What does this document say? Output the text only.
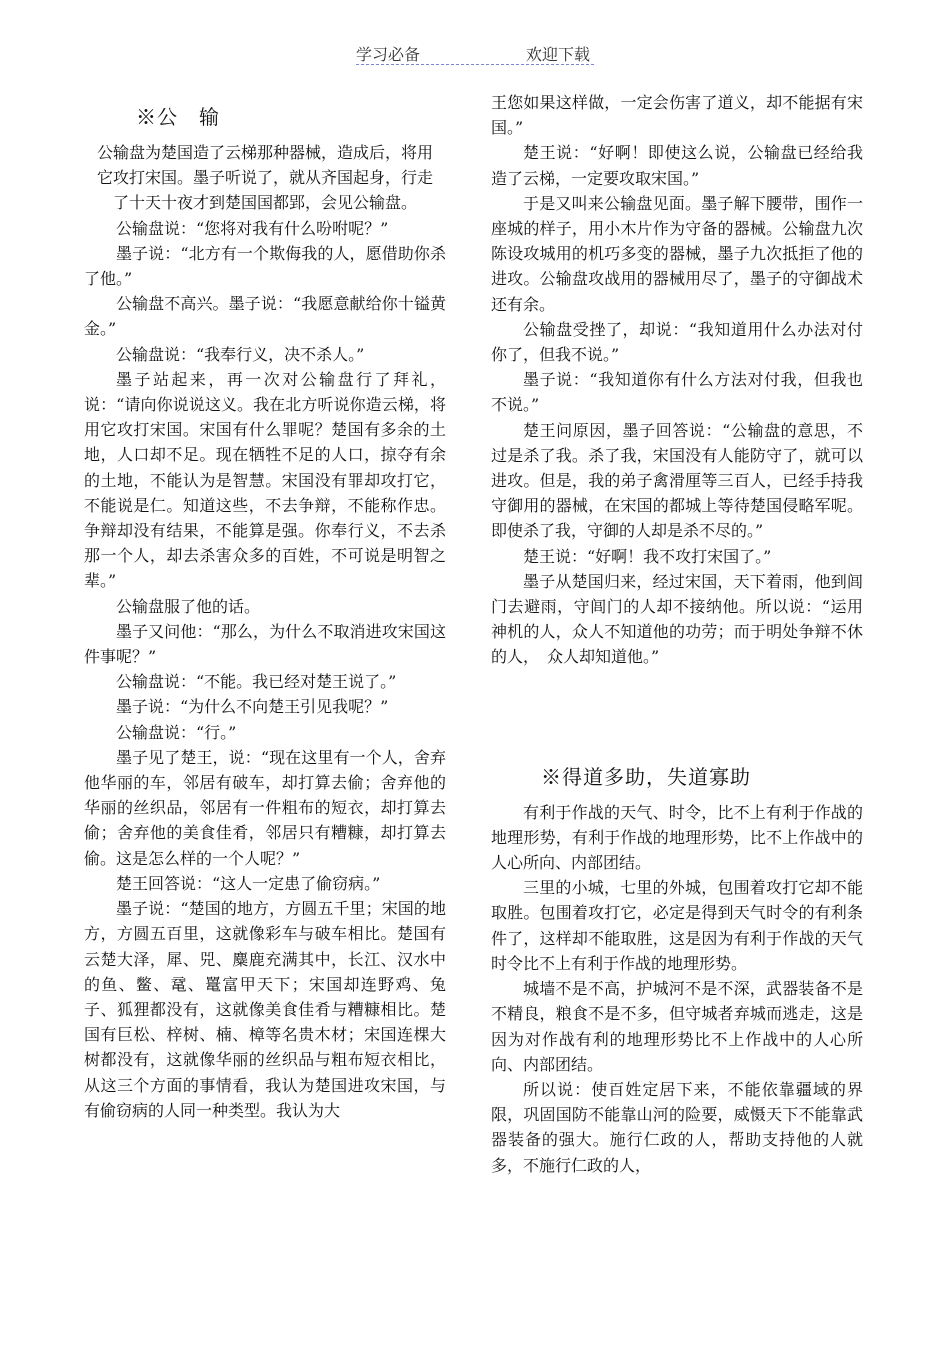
学习必备	欢迎下载
※公　输

公输盘为楚国造了云梯那种器械，造成后，将用它攻打宋国。墨子听说了，就从齐国起身，行走了十天十夜才到楚国国都郢，会见公输盘。

公输盘说：“您将对我有什么吩咐呢？”

墨子说：“北方有一个欺侮我的人，愿借助你杀了他。”

公输盘不高兴。墨子说：“我愿意献给你十镒黄金。”

公输盘说：“我奉行义，决不杀人。”

墨子站起来，再一次对公输盘行了拜礼，说：“请向你说说这义。我在北方听说你造云梯，将用它攻打宋国。宋国有什么罪呢？楚国有多余的土地，人口却不足。现在牺牲不足的人口，掠夺有余的土地，不能认为是智慧。宋国没有罪却攻打它，不能说是仁。知道这些，不去争辩，不能称作忠。争辩却没有结果，不能算是强。你奉行义，不去杀那一个人，却去杀害众多的百姓，不可说是明智之辈。”

公输盘服了他的话。

墨子又问他：“那么，为什么不取消进攻宋国这件事呢？”

公输盘说：“不能。我已经对楚王说了。”

墨子说：“为什么不向楚王引见我呢？”

公输盘说：“行。”

墨子见了楚王，说：“现在这里有一个人，舍弃他华丽的车，邻居有破车，却打算去偷；舍弃他的华丽的丝织品，邻居有一件粗布的短衣，却打算去偷；舍弃他的美食佳肴，邻居只有糟糠，却打算去偷。这是怎么样的一个人呢？”

楚王回答说：“这人一定患了偷窃病。”

墨子说：“楚国的地方，方圆五千里；宋国的地方，方圆五百里，这就像彩车与破车相比。楚国有云楚大泽，犀、兕、麋鹿充满其中，长江、汉水中的鱼、鳖、鼋、鼍富甲天下；宋国却连野鸡、兔子、狐狸都没有，这就像美食佳肴与糟糠相比。楚国有巨松、梓树、楠、樟等名贵木材；宋国连棵大树都没有，这就像华丽的丝织品与粗布短衣相比，从这三个方面的事情看，我认为楚国进攻宋国，与有偷窃病的人同一种类型。我认为大

王您如果这样做，一定会伤害了道义，却不能据有宋国。”

楚王说：“好啊！即使这么说，公输盘已经给我造了云梯，一定要攻取宋国。”

于是又叫来公输盘见面。墨子解下腰带，围作一座城的样子，用小木片作为守备的器械。公输盘九次陈设攻城用的机巧多变的器械，墨子九次抵拒了他的进攻。公输盘攻战用的器械用尽了，墨子的守御战术还有余。

公输盘受挫了，却说：“我知道用什么办法对付你了，但我不说。”

墨子说：“我知道你有什么方法对付我，但我也不说。”

楚王问原因，墨子回答说：“公输盘的意思，不过是杀了我。杀了我，宋国没有人能防守了，就可以进攻。但是，我的弟子禽滑厘等三百人，已经手持我守御用的器械，在宋国的都城上等待楚国侵略军呢。即使杀了我，守御的人却是杀不尽的。”

楚王说：“好啊！我不攻打宋国了。”

墨子从楚国归来，经过宋国，天下着雨，他到闾门去避雨，守闾门的人却不接纳他。所以说：“运用神机的人，众人不知道他的功劳；而于明处争辩不休的人，　众人却知道他。”

※得道多助，失道寡助

有利于作战的天气、时令，比不上有利于作战的地理形势，有利于作战的地理形势，比不上作战中的人心所向、内部团结。

三里的小城，七里的外城，包围着攻打它却不能取胜。包围着攻打它，必定是得到天气时令的有利条件了，这样却不能取胜，这是因为有利于作战的天气时令比不上有利于作战的地理形势。

城墙不是不高，护城河不是不深，武器装备不是不精良，粮食不是不多，但守城者弃城而逃走，这是因为对作战有利的地理形势比不上作战中的人心所向、内部团结。

所以说：使百姓定居下来，不能依靠疆域的界限，巩固国防不能靠山河的险要，威慑天下不能靠武器装备的强大。施行仁政的人，帮助支持他的人就多，不施行仁政的人，
